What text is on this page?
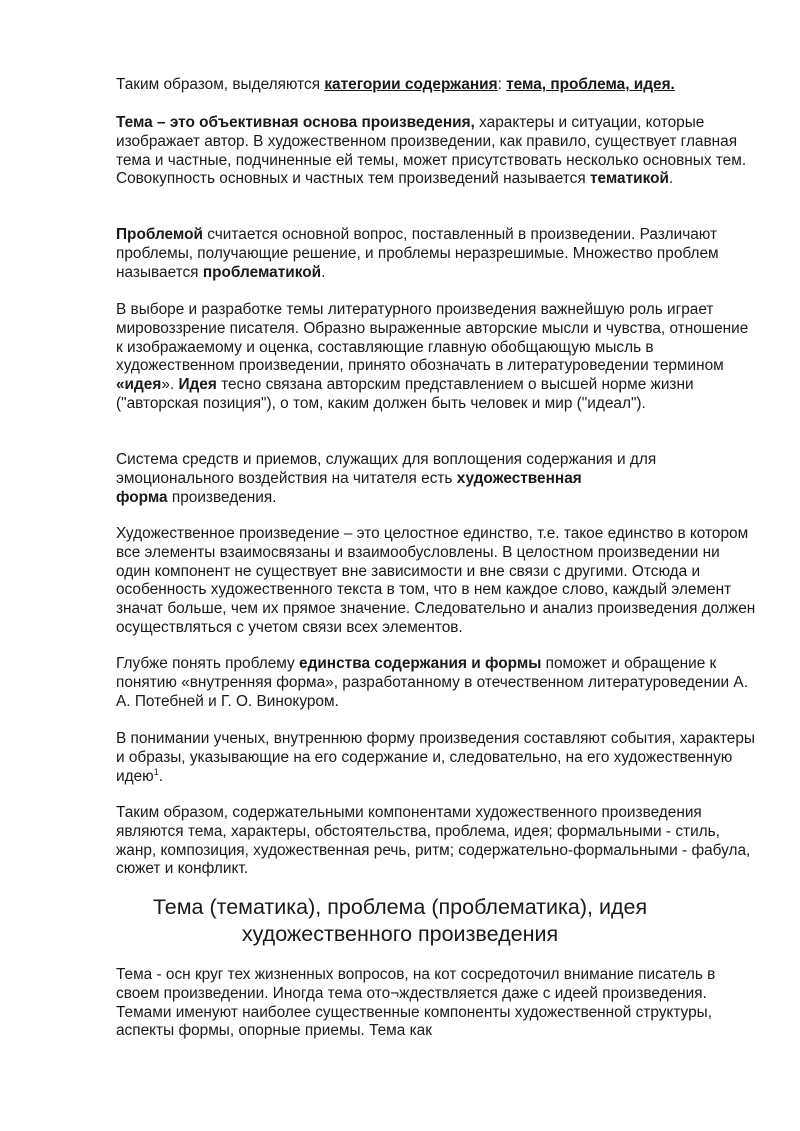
Таким образом, выделяются категории содержания: тема, проблема, идея.

Тема – это объективная основа произведения, характеры и ситуации, которые изображает автор. В художественном произведении, как правило, существует главная тема и частные, подчиненные ей темы, может присутствовать несколько основных тем. Совокупность основных и частных тем произведений называется тематикой.

Проблемой считается основной вопрос, поставленный в произведении. Различают проблемы, получающие решение, и проблемы неразрешимые. Множество проблем называется проблематикой.

В выборе и разработке темы литературного произведения важнейшую роль играет мировоззрение писателя. Образно выраженные авторские мысли и чувства, отношение к изображаемому и оценка, составляющие главную обобщающую мысль в художественном произведении, принято обозначать в литературоведении термином «идея». Идея тесно связана авторским представлением о высшей норме жизни ("авторская позиция"), о том, каким должен быть человек и мир ("идеал").

Система средств и приемов, служащих для воплощения содержания и для эмоционального воздействия на читателя есть художественная
форма произведения.

Художественное произведение – это целостное единство, т.е. такое единство в котором все элементы взаимосвязаны и взаимообусловлены. В целостном произведении ни один компонент не существует вне зависимости и вне связи с другими. Отсюда и особенность художественного текста в том, что в нем каждое слово, каждый элемент значат больше, чем их прямое значение. Следовательно и анализ произведения должен осуществляться с учетом связи всех элементов.

Глубже понять проблему единства содержания и формы поможет и обращение к понятию «внутренняя форма», разработанному в отечественном литературоведении А. А. Потебней и Г. О. Винокуром.

В понимании ученых, внутреннюю форму произведения составляют события, характеры и образы, указывающие на его содержание и, следовательно, на его художественную идею$^1$.

Таким образом, содержательными компонентами художественного произведения являются тема, характеры, обстоятельства, проблема, идея; формальными - стиль, жанр, композиция, художественная речь, ритм; содержательно-формальными - фабула, сюжет и конфликт.

Тема (тематика), проблема (проблематика), идея
художественного произведения

Тема - осн круг тех жизненных вопросов, на кот сосредоточил внимание писатель в своем произведении. Иногда тема ото¬ждествляется даже с идеей произведения. Темами именуют наиболее существенные компоненты художественной структуры, аспекты формы, опорные приемы. Тема как
